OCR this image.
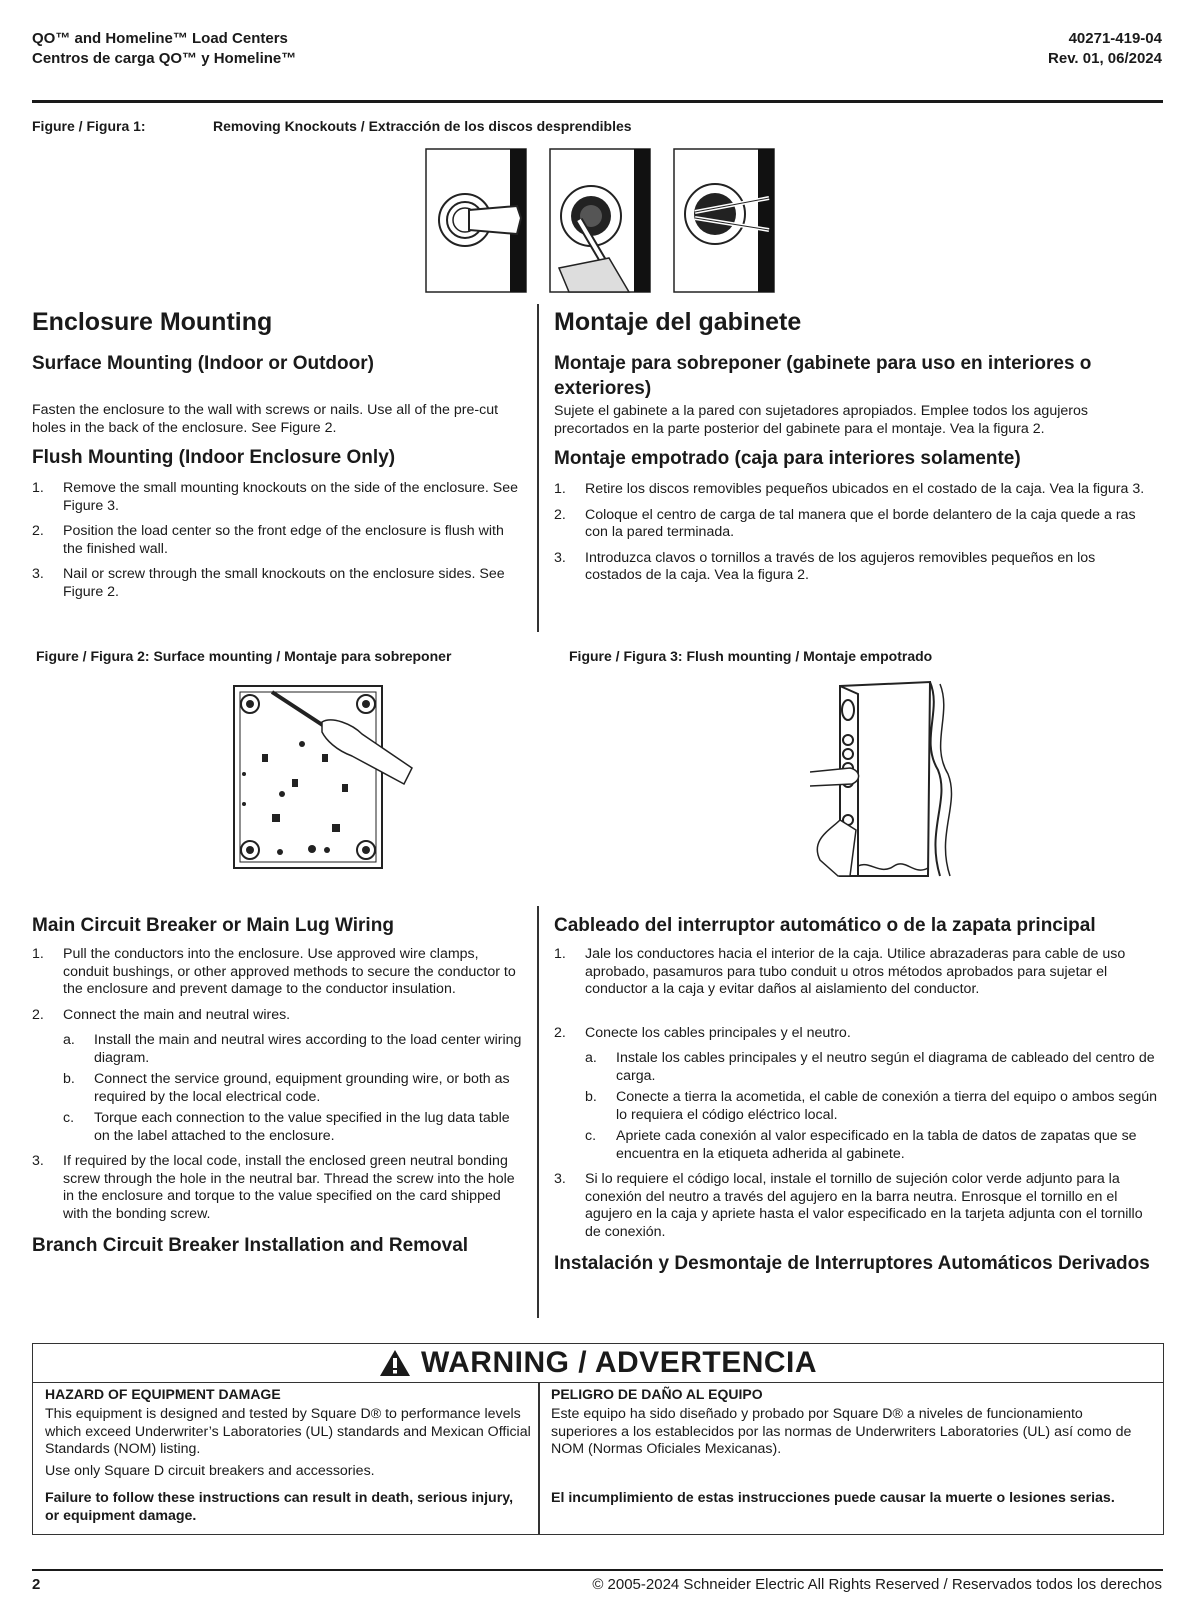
QO™ and Homeline™ Load Centers
Centros de carga QO™ y Homeline™
40271-419-04
Rev. 01, 06/2024
Figure / Figura 1:	Removing Knockouts / Extracción de los discos desprendibles
Enclosure Mounting
Surface Mounting (Indoor or Outdoor)
Fasten the enclosure to the wall with screws or nails. Use all of the pre-cut holes in the back of the enclosure. See Figure 2.
Flush Mounting (Indoor Enclosure Only)
1. Remove the small mounting knockouts on the side of the enclosure. See Figure 3.
2. Position the load center so the front edge of the enclosure is flush with the finished wall.
3. Nail or screw through the small knockouts on the enclosure sides. See Figure 2.
Montaje del gabinete
Montaje para sobreponer (gabinete para uso en interiores o exteriores)
Sujete el gabinete a la pared con sujetadores apropiados. Emplee todos los agujeros precortados en la parte posterior del gabinete para el montaje. Vea la figura 2.
Montaje empotrado (caja para interiores solamente)
1. Retire los discos removibles pequeños ubicados en el costado de la caja. Vea la figura 3.
2. Coloque el centro de carga de tal manera que el borde delantero de la caja quede a ras con la pared terminada.
3. Introduzca clavos o tornillos a través de los agujeros removibles pequeños en los costados de la caja. Vea la figura 2.
Figure / Figura 2: Surface mounting / Montaje para sobreponer	Figure / Figura 3: Flush mounting / Montaje empotrado
Main Circuit Breaker or Main Lug Wiring
1. Pull the conductors into the enclosure. Use approved wire clamps, conduit bushings, or other approved methods to secure the conductor to the enclosure and prevent damage to the conductor insulation.
2. Connect the main and neutral wires.
a. Install the main and neutral wires according to the load center wiring diagram.
b. Connect the service ground, equipment grounding wire, or both as required by the local electrical code.
c. Torque each connection to the value specified in the lug data table on the label attached to the enclosure.
3. If required by the local code, install the enclosed green neutral bonding screw through the hole in the neutral bar. Thread the screw into the hole in the enclosure and torque to the value specified on the card shipped with the bonding screw.
Branch Circuit Breaker Installation and Removal
Cableado del interruptor automático o de la zapata principal
1. Jale los conductores hacia el interior de la caja. Utilice abrazaderas para cable de uso aprobado, pasamuros para tubo conduit u otros métodos aprobados para sujetar el conductor a la caja y evitar daños al aislamiento del conductor.
2. Conecte los cables principales y el neutro.
a. Instale los cables principales y el neutro según el diagrama de cableado del centro de carga.
b. Conecte a tierra la acometida, el cable de conexión a tierra del equipo o ambos según lo requiera el código eléctrico local.
c. Apriete cada conexión al valor especificado en la tabla de datos de zapatas que se encuentra en la etiqueta adherida al gabinete.
3. Si lo requiere el código local, instale el tornillo de sujeción color verde adjunto para la conexión del neutro a través del agujero en la barra neutra. Enrosque el tornillo en el agujero en la caja y apriete hasta el valor especificado en la tarjeta adjunta con el tornillo de conexión.
Instalación y Desmontaje de Interruptores Automáticos Derivados
WARNING / ADVERTENCIA
HAZARD OF EQUIPMENT DAMAGE
This equipment is designed and tested by Square D® to performance levels which exceed Underwriter’s Laboratories (UL) standards and Mexican Official Standards (NOM) listing.
Use only Square D circuit breakers and accessories.
Failure to follow these instructions can result in death, serious injury, or equipment damage.
PELIGRO DE DAÑO AL EQUIPO
Este equipo ha sido diseñado y probado por Square D® a niveles de funcionamiento superiores a los establecidos por las normas de Underwriters Laboratories (UL) así como de NOM (Normas Oficiales Mexicanas).
El incumplimiento de estas instrucciones puede causar la muerte o lesiones serias.
2	© 2005-2024 Schneider Electric All Rights Reserved / Reservados todos los derechos
